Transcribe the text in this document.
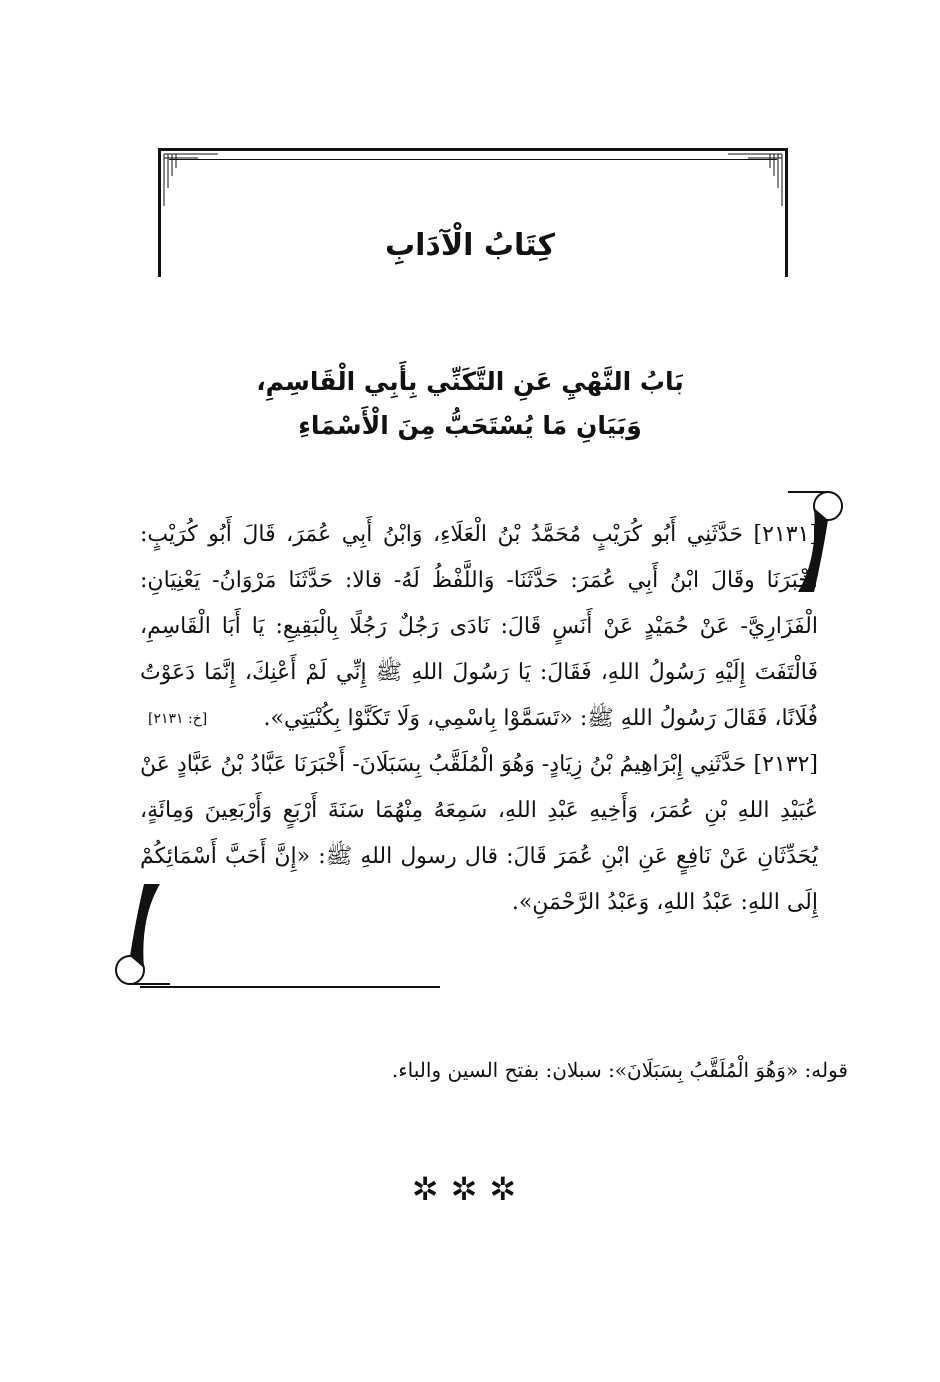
كِتَابُ الْآدَابِ
بَابُ النَّهْيِ عَنِ التَّكَنِّي بِأَبِي الْقَاسِمِ،
وَبَيَانِ مَا يُسْتَحَبُّ مِنَ الْأَسْمَاءِ

[٢١٣١] حَدَّثَنِي أَبُو كُرَيْبٍ مُحَمَّدُ بْنُ الْعَلَاءِ، وَابْنُ أَبِي عُمَرَ، قَالَ أَبُو كُرَيْبٍ: أَخْبَرَنَا وقَالَ ابْنُ أَبِي عُمَرَ: حَدَّثَنَا- وَاللَّفْظُ لَهُ- قالا: حَدَّثَنَا مَرْوَانُ- يَعْنِيَانِ: الْفَزَارِيَّ- عَنْ حُمَيْدٍ عَنْ أَنَسٍ قَالَ: نَادَى رَجُلٌ رَجُلًا بِالْبَقِيعِ: يَا أَبَا الْقَاسِمِ، فَالْتَفَتَ إِلَيْهِ رَسُولُ اللهِ، فَقَالَ: يَا رَسُولَ اللهِ ﷺ إِنِّي لَمْ أَعْنِكَ، إِنَّمَا دَعَوْتُ فُلَانًا، فَقَالَ رَسُولُ اللهِ ﷺ: «تَسَمَّوْا بِاسْمِي، وَلَا تَكَنَّوْا بِكُنْيَتِي».
[خ: ٢١٣١]

[٢١٣٢] حَدَّثَنِي إِبْرَاهِيمُ بْنُ زِيَادٍ- وَهُوَ الْمُلَقَّبُ بِسَبَلَانَ- أَخْبَرَنَا عَبَّادُ بْنُ عَبَّادٍ عَنْ عُبَيْدِ اللهِ بْنِ عُمَرَ، وَأَخِيهِ عَبْدِ اللهِ، سَمِعَهُ مِنْهُمَا سَنَةَ أَرْبَعٍ وَأَرْبَعِينَ وَمِائَةٍ، يُحَدِّثَانِ عَنْ نَافِعٍ عَنِ ابْنِ عُمَرَ قَالَ: قال رسول اللهِ ﷺ: «إِنَّ أَحَبَّ أَسْمَائِكُمْ إِلَى اللهِ: عَبْدُ اللهِ، وَعَبْدُ الرَّحْمَنِ».

قوله: «وَهُوَ الْمُلَقَّبُ بِسَبَلَانَ»: سبلان: بفتح السين والباء.
✲✲✲
